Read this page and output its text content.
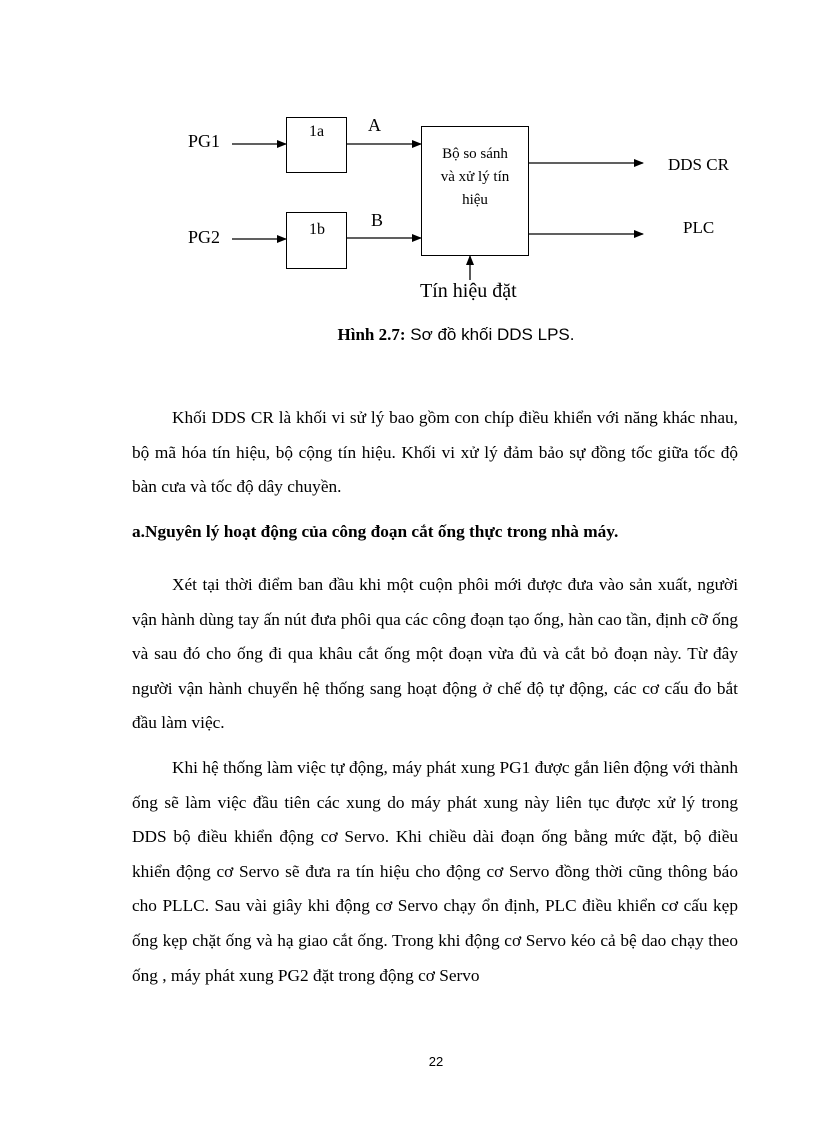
PG1
PG2
1a
1b
A
B
Bộ so sánh
và xử lý tín
hiệu
DDS CR
PLC
Tín hiệu đặt
Hình 2.7: Sơ đồ khối DDS LPS.

Khối DDS CR là khối vi sử lý bao gồm con chíp điều khiển với năng khác nhau, bộ mã hóa tín hiệu, bộ cộng tín hiệu. Khối vi xử lý đảm bảo sự đồng tốc giữa tốc độ bàn cưa và tốc độ dây chuyền.

a.Nguyên lý hoạt động của công đoạn cắt ống thực trong nhà máy.

Xét tại thời điểm ban đầu khi một cuộn phôi mới được đưa vào sản xuất, người vận hành dùng tay ấn nút đưa phôi qua các công đoạn tạo ống, hàn cao tần, định cỡ ống và sau đó cho ống đi qua khâu cắt ống một đoạn vừa đủ và cắt bỏ đoạn này. Từ đây người vận hành chuyển hệ thống sang hoạt động ở chế độ tự động, các cơ cấu đo bắt đầu làm việc.

Khi hệ thống làm việc tự động, máy phát xung PG1 được gắn liên động với thành ống sẽ làm việc đầu tiên các xung do máy phát xung này liên tục được xử lý trong DDS bộ điều khiển động cơ Servo. Khi chiều dài đoạn ống bằng mức đặt, bộ điều khiển động cơ Servo sẽ đưa ra tín hiệu cho động cơ Servo đồng thời cũng thông báo cho PLLC. Sau vài giây khi động cơ Servo chạy ổn định, PLC điều khiển cơ cấu kẹp ống kẹp chặt ống và hạ giao cắt ống. Trong khi động cơ Servo kéo cả bệ dao chạy theo ống , máy phát xung PG2 đặt trong động cơ Servo

22
